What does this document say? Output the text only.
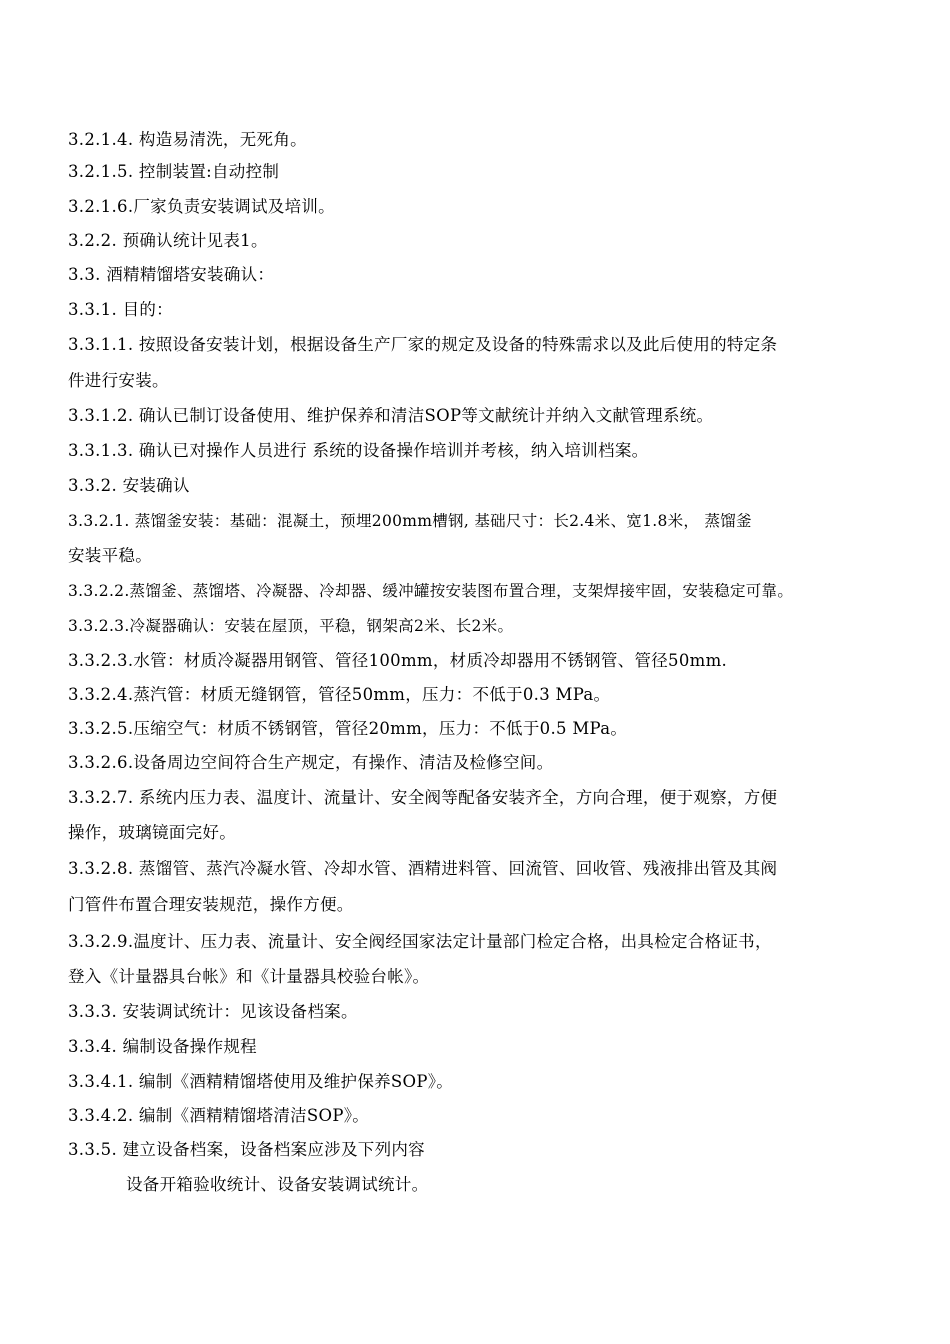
3.2.1.4. 构造易清洗，无死角。
3.2.1.5. 控制装置:自动控制
3.2.1.6.厂家负责安装调试及培训。
3.2.2. 预确认统计见表1。
3.3. 酒精精馏塔安装确认：
3.3.1. 目的：
3.3.1.1. 按照设备安装计划，根据设备生产厂家的规定及设备的特殊需求以及此后使用的特定条
件进行安装。
3.3.1.2. 确认已制订设备使用、维护保养和清洁SOP等文献统计并纳入文献管理系统。
3.3.1.3. 确认已对操作人员进行 系统的设备操作培训并考核，纳入培训档案。
3.3.2. 安装确认
3.3.2.1. 蒸馏釜安装：基础：混凝土，预埋200mm槽钢, 基础尺寸：长2.4米、宽1.8米， 蒸馏釜
安装平稳。
3.3.2.2.蒸馏釜、蒸馏塔、冷凝器、冷却器、缓冲罐按安装图布置合理，支架焊接牢固，安装稳定可靠。
3.3.2.3.冷凝器确认：安装在屋顶，平稳，钢架高2米、长2米。
3.3.2.3.水管：材质冷凝器用钢管、管径100mm，材质冷却器用不锈钢管、管径50mm.
3.3.2.4.蒸汽管：材质无缝钢管，管径50mm，压力：不低于0.3 MPa。
3.3.2.5.压缩空气：材质不锈钢管，管径20mm，压力：不低于0.5 MPa。
3.3.2.6.设备周边空间符合生产规定，有操作、清洁及检修空间。
3.3.2.7. 系统内压力表、温度计、流量计、安全阀等配备安装齐全，方向合理，便于观察，方便
操作，玻璃镜面完好。
3.3.2.8. 蒸馏管、蒸汽冷凝水管、冷却水管、酒精进料管、回流管、回收管、残液排出管及其阀
门管件布置合理安装规范，操作方便。
3.3.2.9.温度计、压力表、流量计、安全阀经国家法定计量部门检定合格，出具检定合格证书，
登入《计量器具台帐》和《计量器具校验台帐》。
3.3.3. 安装调试统计：见该设备档案。
3.3.4. 编制设备操作规程
3.3.4.1. 编制《酒精精馏塔使用及维护保养SOP》。
3.3.4.2. 编制《酒精精馏塔清洁SOP》。
3.3.5. 建立设备档案，设备档案应涉及下列内容
设备开箱验收统计、设备安装调试统计。
